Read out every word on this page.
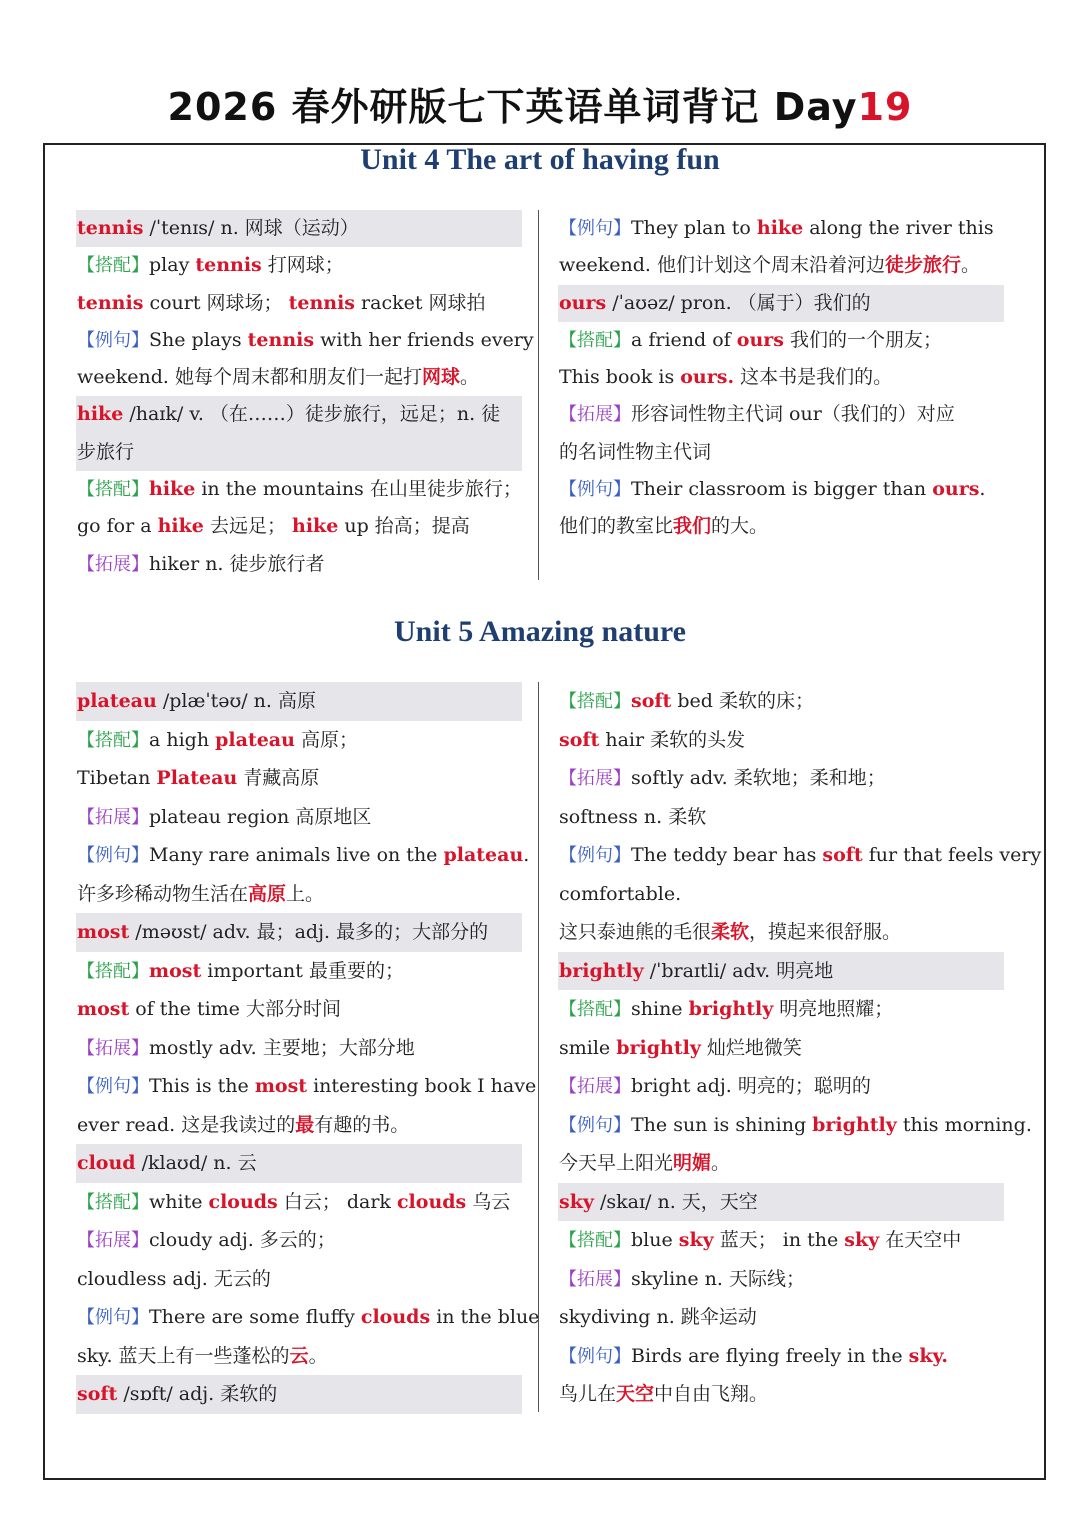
2026 春外研版七下英语单词背记 Day19
Unit 4 The art of having fun
tennis /ˈtenɪs/ n. 网球（运动）
【搭配】play tennis 打网球；
tennis court 网球场； tennis racket 网球拍
【例句】She plays tennis with her friends every
weekend. 她每个周末都和朋友们一起打网球。
hike /haɪk/ v. （在……）徒步旅行，远足；n. 徒
步旅行
【搭配】hike in the mountains 在山里徒步旅行；
go for a hike 去远足； hike up 抬高；提高
【拓展】hiker n. 徒步旅行者
【例句】They plan to hike along the river this
weekend. 他们计划这个周末沿着河边徒步旅行。
ours /ˈaʊəz/ pron. （属于）我们的
【搭配】a friend of ours 我们的一个朋友；
This book is ours. 这本书是我们的。
【拓展】形容词性物主代词 our（我们的）对应
的名词性物主代词
【例句】Their classroom is bigger than ours.
他们的教室比我们的大。
Unit 5 Amazing nature
plateau /plæˈtəʊ/ n. 高原
【搭配】a high plateau 高原；
Tibetan Plateau 青藏高原
【拓展】plateau region 高原地区
【例句】Many rare animals live on the plateau.
许多珍稀动物生活在高原上。
most /məʊst/ adv. 最；adj. 最多的；大部分的
【搭配】most important 最重要的；
most of the time 大部分时间
【拓展】mostly adv. 主要地；大部分地
【例句】This is the most interesting book I have
ever read. 这是我读过的最有趣的书。
cloud /klaʊd/ n. 云
【搭配】white clouds 白云； dark clouds 乌云
【拓展】cloudy adj. 多云的；
cloudless adj. 无云的
【例句】There are some fluffy clouds in the blue
sky. 蓝天上有一些蓬松的云。
soft /sɒft/ adj. 柔软的
【搭配】soft bed 柔软的床；
soft hair 柔软的头发
【拓展】softly adv. 柔软地；柔和地；
softness n. 柔软
【例句】The teddy bear has soft fur that feels very
comfortable.
这只泰迪熊的毛很柔软，摸起来很舒服。
brightly /ˈbraɪtli/ adv. 明亮地
【搭配】shine brightly 明亮地照耀；
smile brightly 灿烂地微笑
【拓展】bright adj. 明亮的；聪明的
【例句】The sun is shining brightly this morning.
今天早上阳光明媚。
sky /skaɪ/ n. 天，天空
【搭配】blue sky 蓝天； in the sky 在天空中
【拓展】skyline n. 天际线；
skydiving n. 跳伞运动
【例句】Birds are flying freely in the sky.
鸟儿在天空中自由飞翔。
